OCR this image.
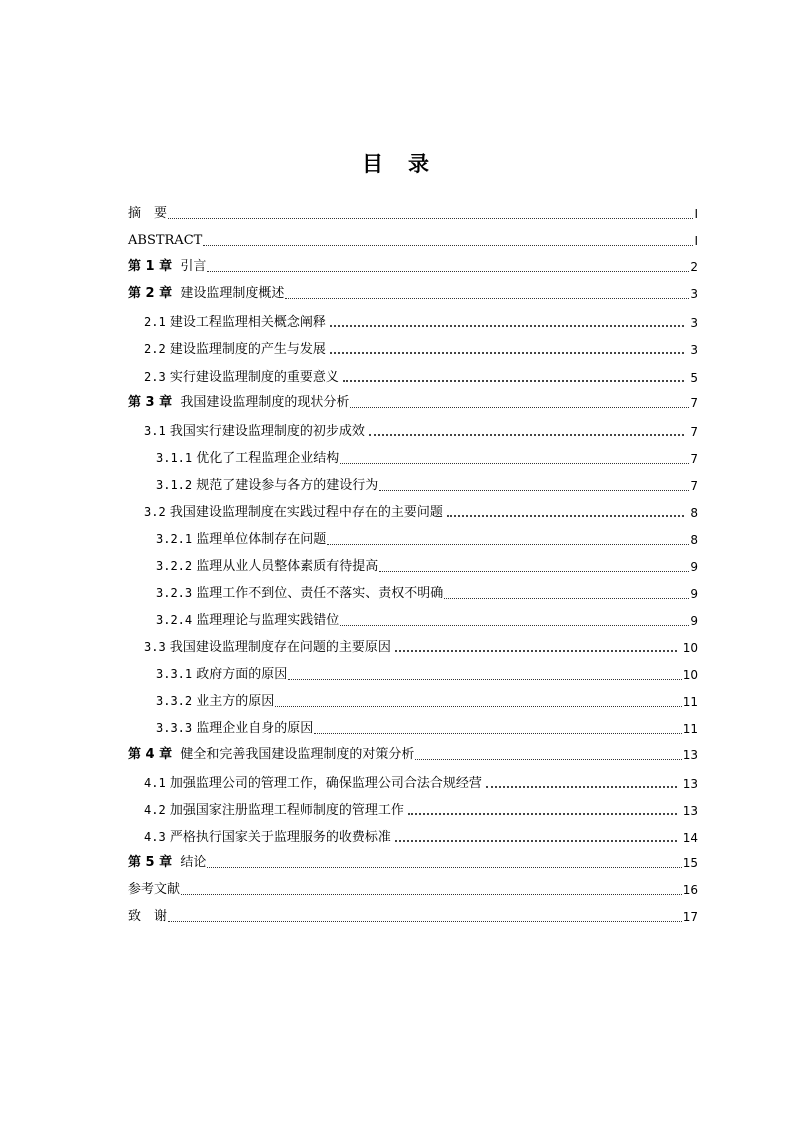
目　录
摘　要	I
ABSTRACT	I
第 1 章 引言	2
第 2 章 建设监理制度概述	3
2.1 建设工程监理相关概念阐释	3
2.2 建设监理制度的产生与发展	3
2.3 实行建设监理制度的重要意义	5
第 3 章 我国建设监理制度的现状分析	7
3.1 我国实行建设监理制度的初步成效	7
3.1.1 优化了工程监理企业结构	7
3.1.2 规范了建设参与各方的建设行为	7
3.2 我国建设监理制度在实践过程中存在的主要问题	8
3.2.1 监理单位体制存在问题	8
3.2.2 监理从业人员整体素质有待提高	9
3.2.3 监理工作不到位、责任不落实、责权不明确	9
3.2.4 监理理论与监理实践错位	9
3.3 我国建设监理制度存在问题的主要原因	10
3.3.1 政府方面的原因	10
3.3.2 业主方的原因	11
3.3.3 监理企业自身的原因	11
第 4 章 健全和完善我国建设监理制度的对策分析	13
4.1 加强监理公司的管理工作，确保监理公司合法合规经营	13
4.2 加强国家注册监理工程师制度的管理工作	13
4.3 严格执行国家关于监理服务的收费标准	14
第 5 章 结论	15
参考文献	16
致　谢	17
